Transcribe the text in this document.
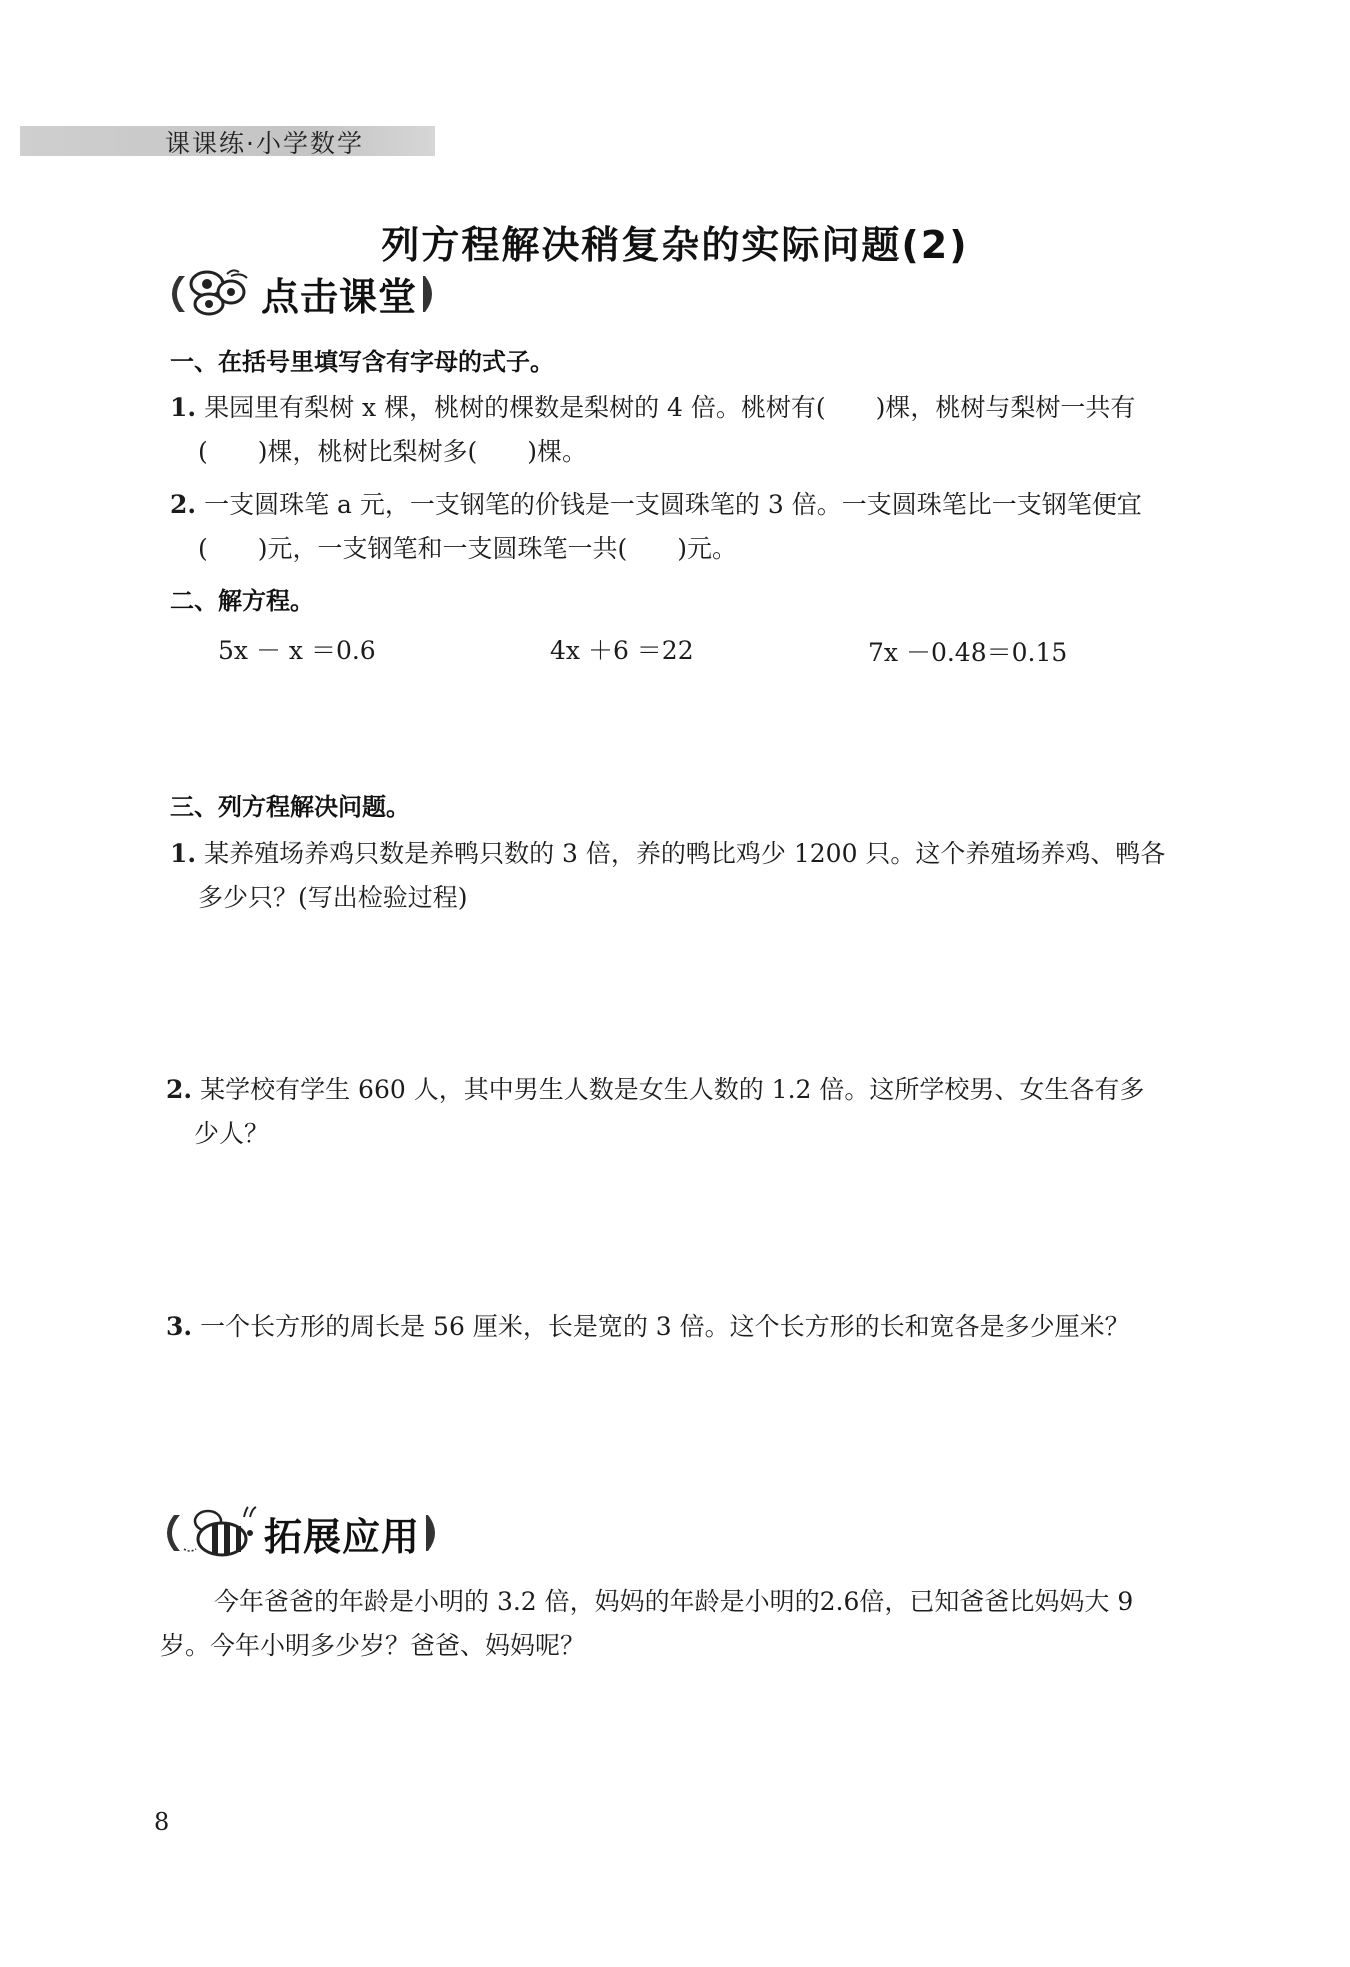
课课练·小学数学
列方程解决稍复杂的实际问题(2)
点击课堂
一、在括号里填写含有字母的式子。
1. 果园里有梨树 x 棵，桃树的棵数是梨树的 4 倍。桃树有(　　)棵，桃树与梨树一共有
(　　)棵，桃树比梨树多(　　)棵。
2. 一支圆珠笔 a 元，一支钢笔的价钱是一支圆珠笔的 3 倍。一支圆珠笔比一支钢笔便宜
(　　)元，一支钢笔和一支圆珠笔一共(　　)元。
二、解方程。
5x － x ＝0.6	4x ＋6 ＝22	7x －0.48＝0.15
三、列方程解决问题。
1. 某养殖场养鸡只数是养鸭只数的 3 倍，养的鸭比鸡少 1200 只。这个养殖场养鸡、鸭各
多少只？(写出检验过程)
2. 某学校有学生 660 人，其中男生人数是女生人数的 1.2 倍。这所学校男、女生各有多
少人？
3. 一个长方形的周长是 56 厘米，长是宽的 3 倍。这个长方形的长和宽各是多少厘米？
拓展应用
今年爸爸的年龄是小明的 3.2 倍，妈妈的年龄是小明的2.6倍，已知爸爸比妈妈大 9
岁。今年小明多少岁？爸爸、妈妈呢？
8
